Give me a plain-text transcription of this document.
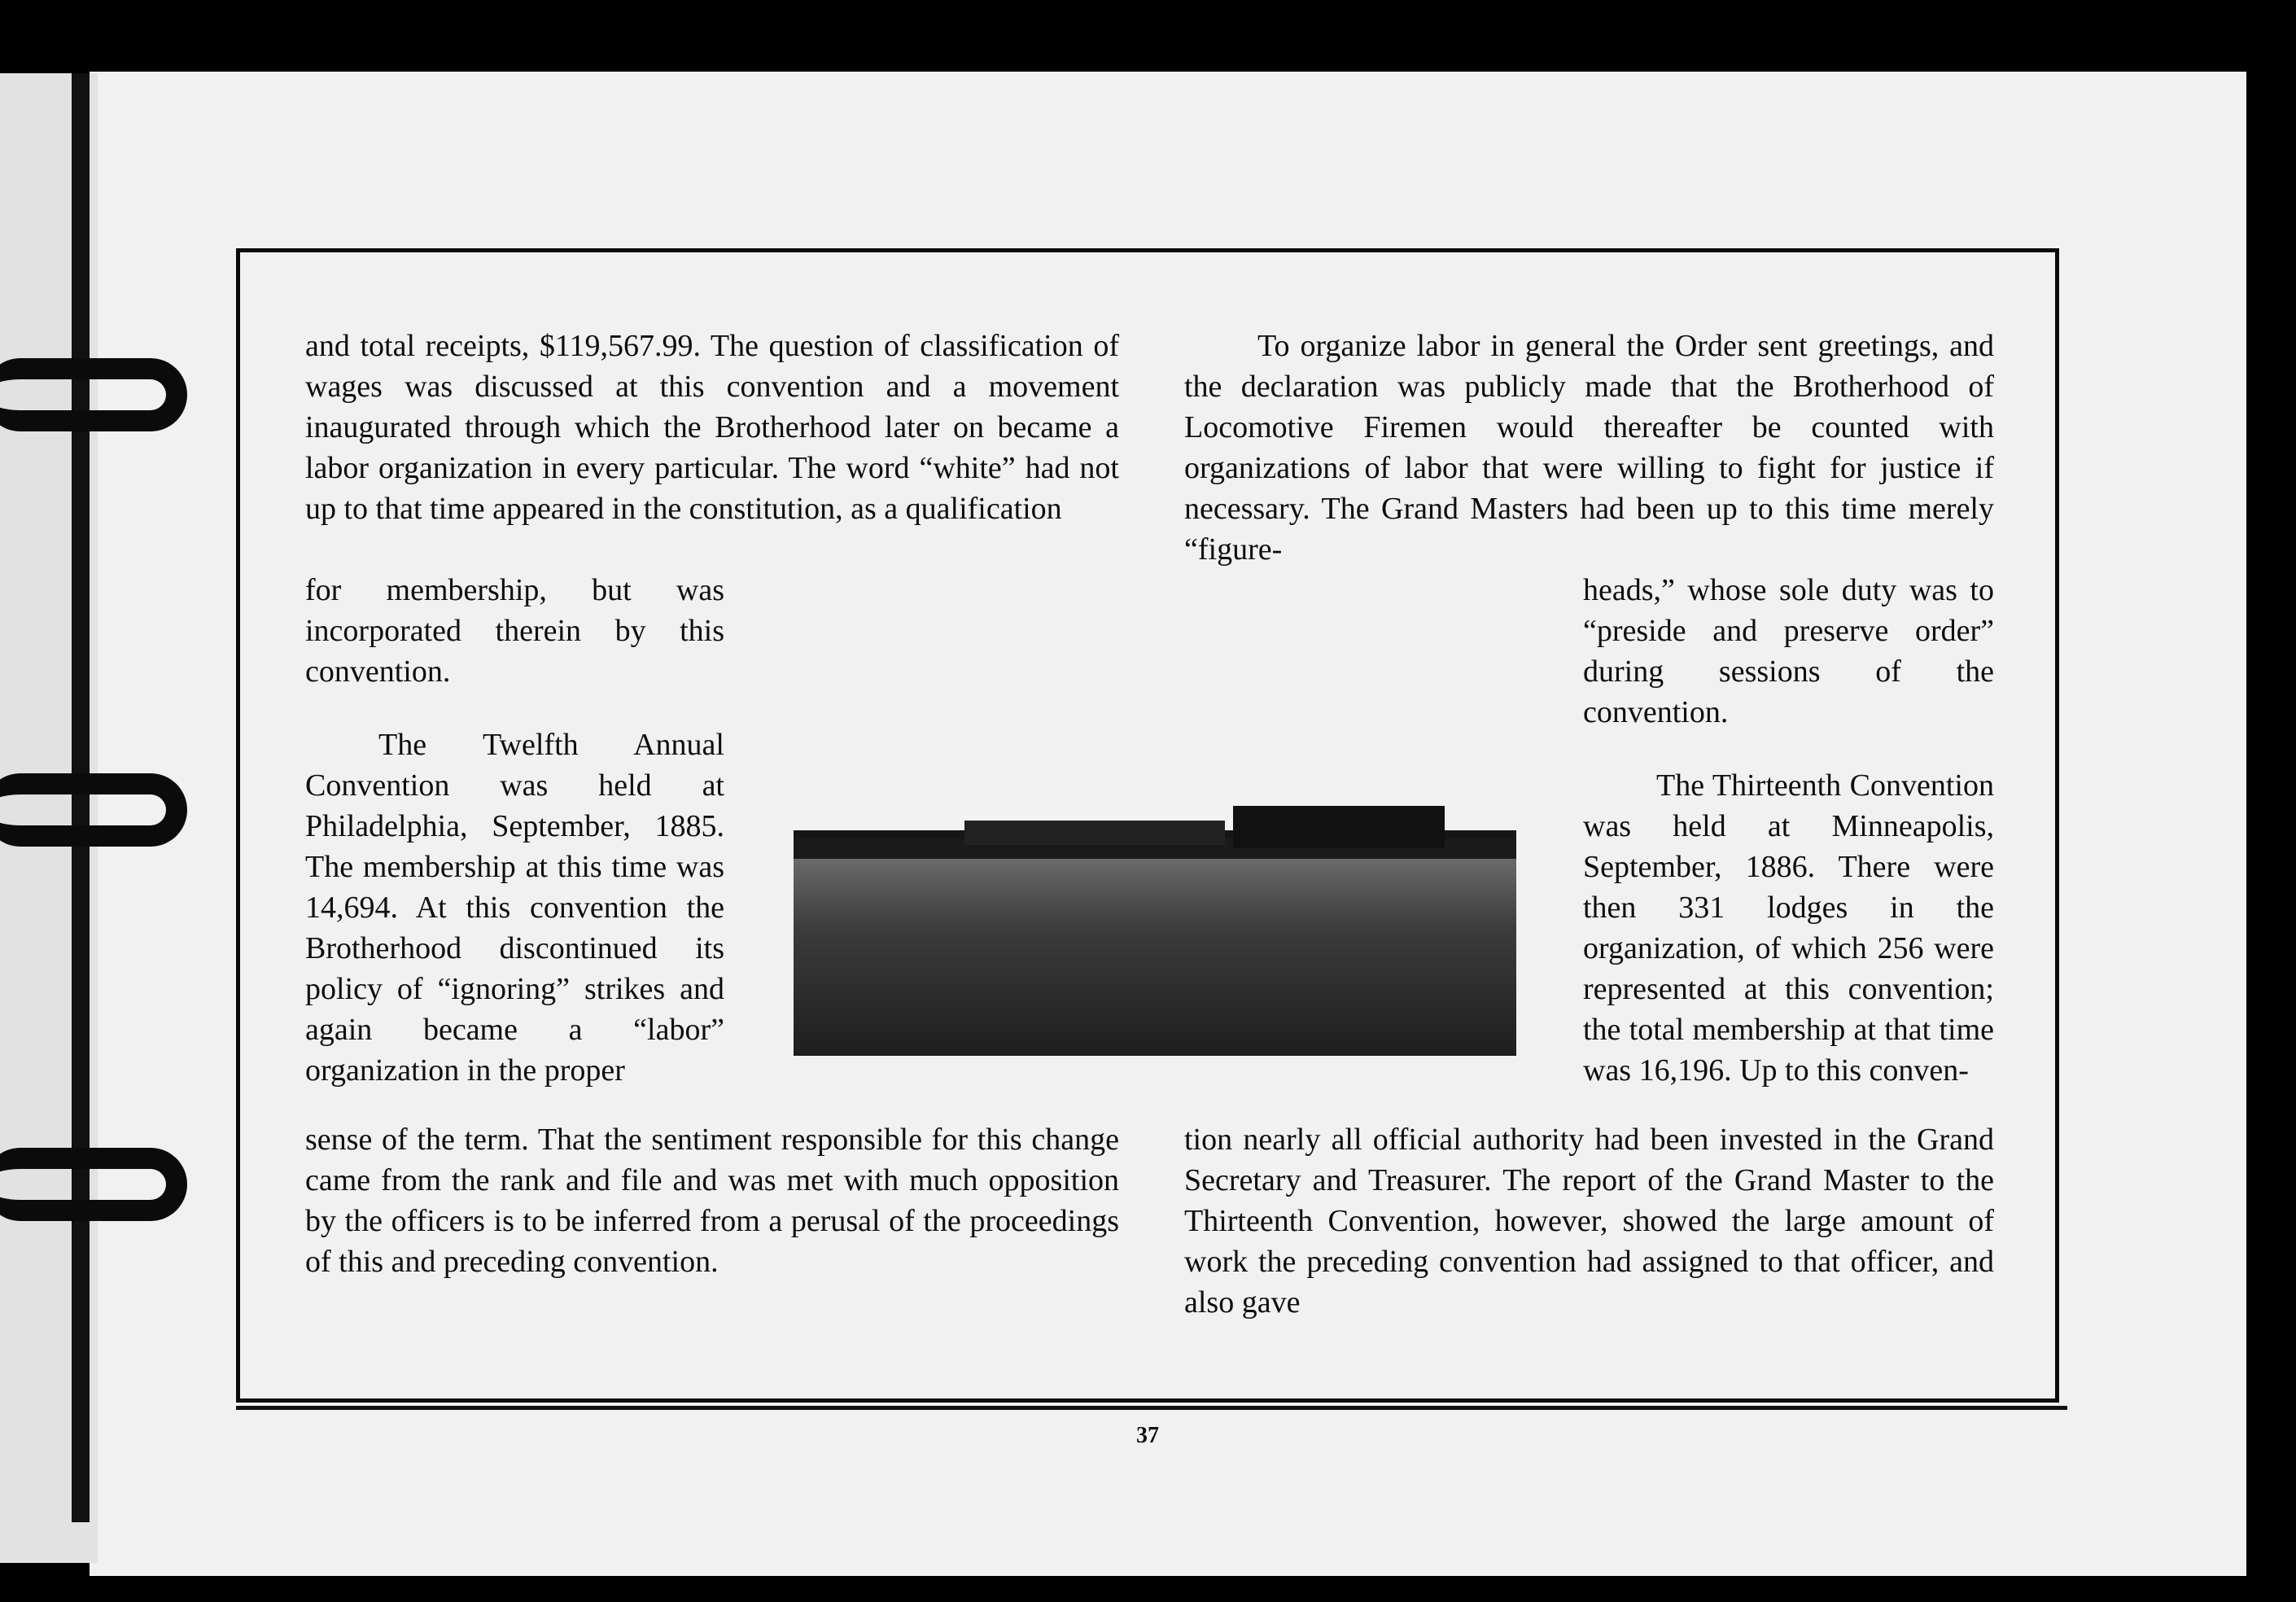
and total receipts, $119,567.99. The question of classification of wages was discussed at this convention and a movement inaugurated through which the Brotherhood later on became a labor organization in every particular. The word “white” had not up to that time appeared in the constitution, as a qualification

for membership, but was incorporated therein by this convention.

The Twelfth Annual Convention was held at Philadelphia, September, 1885. The membership at this time was 14,694. At this convention the Brotherhood discontinued its policy of “ignoring” strikes and again became a “labor” organization in the proper

sense of the term. That the sentiment responsible for this change came from the rank and file and was met with much opposition by the officers is to be inferred from a perusal of the proceedings of this and preceding convention.

To organize labor in general the Order sent greetings, and the declaration was publicly made that the Brotherhood of Locomotive Firemen would thereafter be counted with organizations of labor that were willing to fight for justice if necessary. The Grand Masters had been up to this time merely “figure-

heads,” whose sole duty was to “preside and preserve order” during sessions of the convention.

The Thirteenth Convention was held at Minneapolis, September, 1886. There were then 331 lodges in the organization, of which 256 were represented at this convention; the total membership at that time was 16,196. Up to this conven-

tion nearly all official authority had been invested in the Grand Secretary and Treasurer. The report of the Grand Master to the Thirteenth Convention, however, showed the large amount of work the preceding convention had assigned to that officer, and also gave

37
